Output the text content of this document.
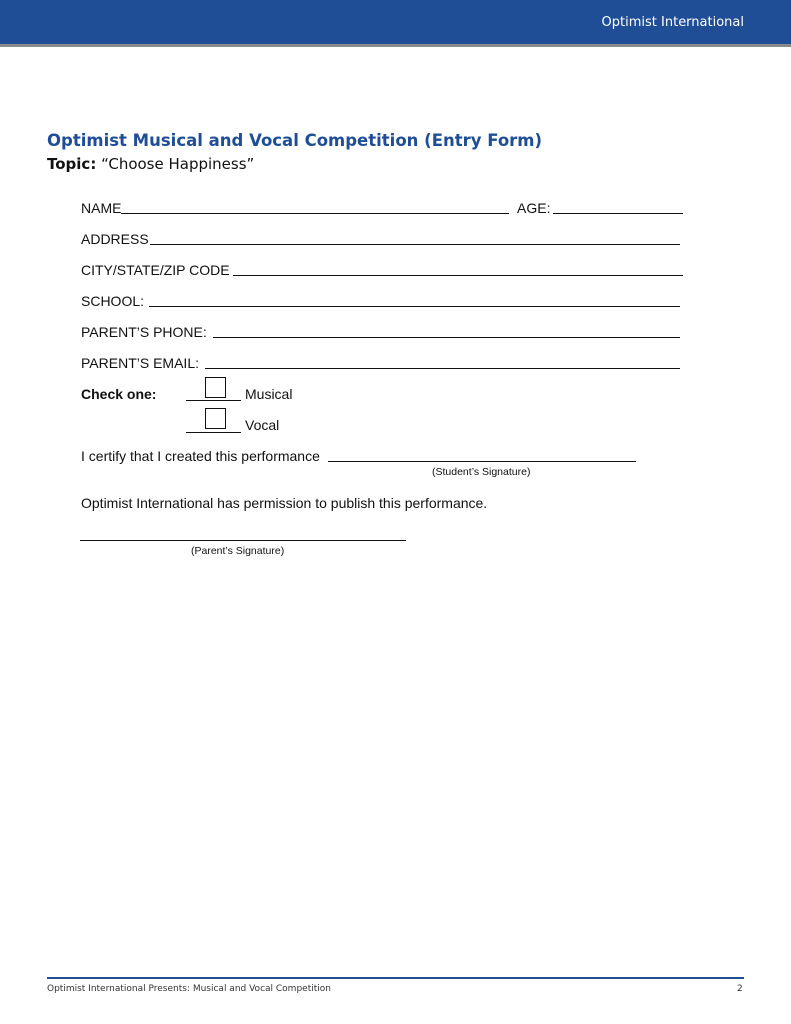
Optimist International
Optimist Musical and Vocal Competition (Entry Form)
Topic: “Choose Happiness”
NAME	AGE:
ADDRESS
CITY/STATE/ZIP CODE
SCHOOL:
PARENT’S PHONE:
PARENT’S EMAIL:
Check one:	Musical
Vocal
I certify that I created this performance
(Student’s Signature)
Optimist International has permission to publish this performance.
(Parent’s Signature)
Optimist International Presents: Musical and Vocal Competition	2
